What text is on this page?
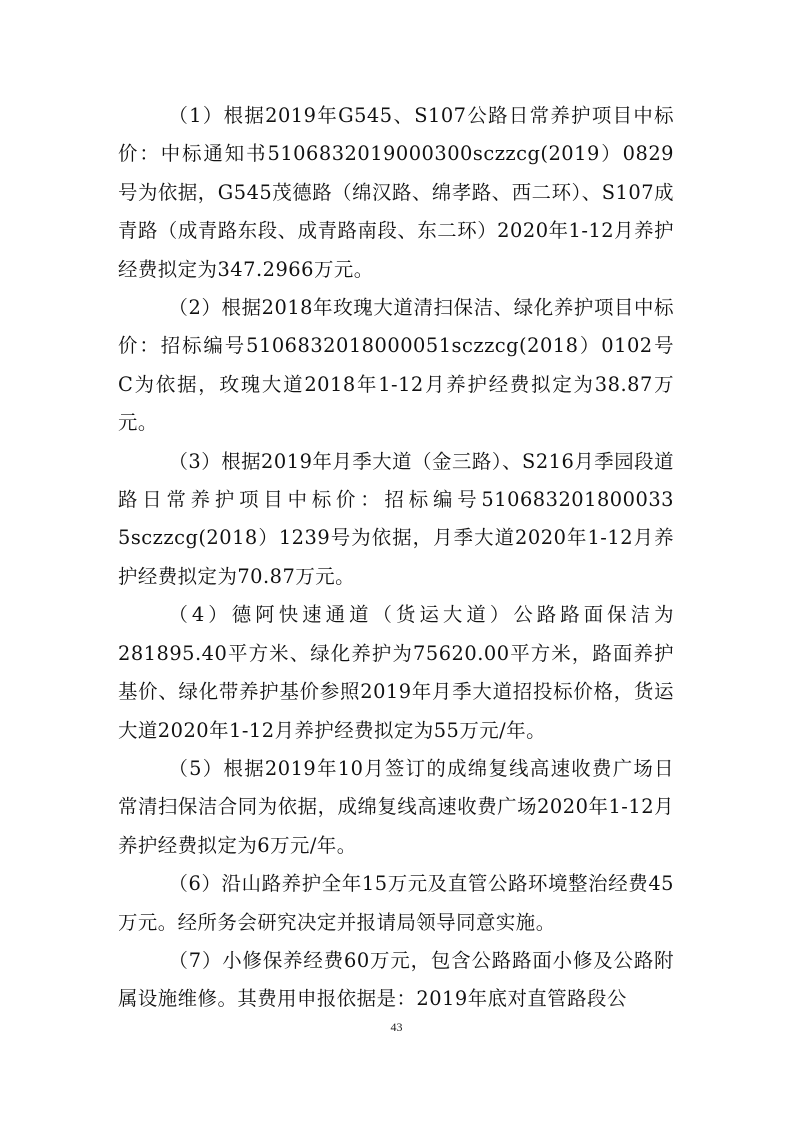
（1）根据2019年G545、S107公路日常养护项目中标价：中标通知书510683201900030​0sczzcg(2019）0829号为依据，G545茂德路（绵汉路、绵孝路、西二环）、S107成青路（成青路东段、成青路南段、东二环）2020年1-12月养护经费拟定为347.2966万元。

（2）根据2018年玫瑰大道清扫保洁、绿化养护项目中标价：招标编号510683201800005​1sczzcg(2018）0102号C为依据，玫瑰大道2018年1-12月养护经费拟定为38.87万元。

（3）根据2019年月季大道（金三路）、S216月季园段道路日常养护项目中标价：招标编号510683201800033​5sczzcg(2018）1239号为依据，月季大道2020年1-12月养护经费拟定为70.87万元。

（4）德阿快速通道（货运大道）公路路面保洁为281895.40平方米、绿化养护为75620.00平方米，路面养护基价、绿化带养护基价参照2019年月季大道招投标价格，货运大道2020年1-12月养护经费拟定为55万元/年。

（5）根据2019年10月签订的成绵复线高速收费广场日常清扫保洁合同为依据，成绵复线高速收费广场2020年1-12月养护经费拟定为6万元/年。

（6）沿山路养护全年15万元及直管公路环境整治经费45万元。经所务会研究决定并报请局领导同意实施。

（7）小修保养经费60万元，包含公路路面小修及公路附属设施维修。其费用申报依据是：2019年底对直管路段公

43
